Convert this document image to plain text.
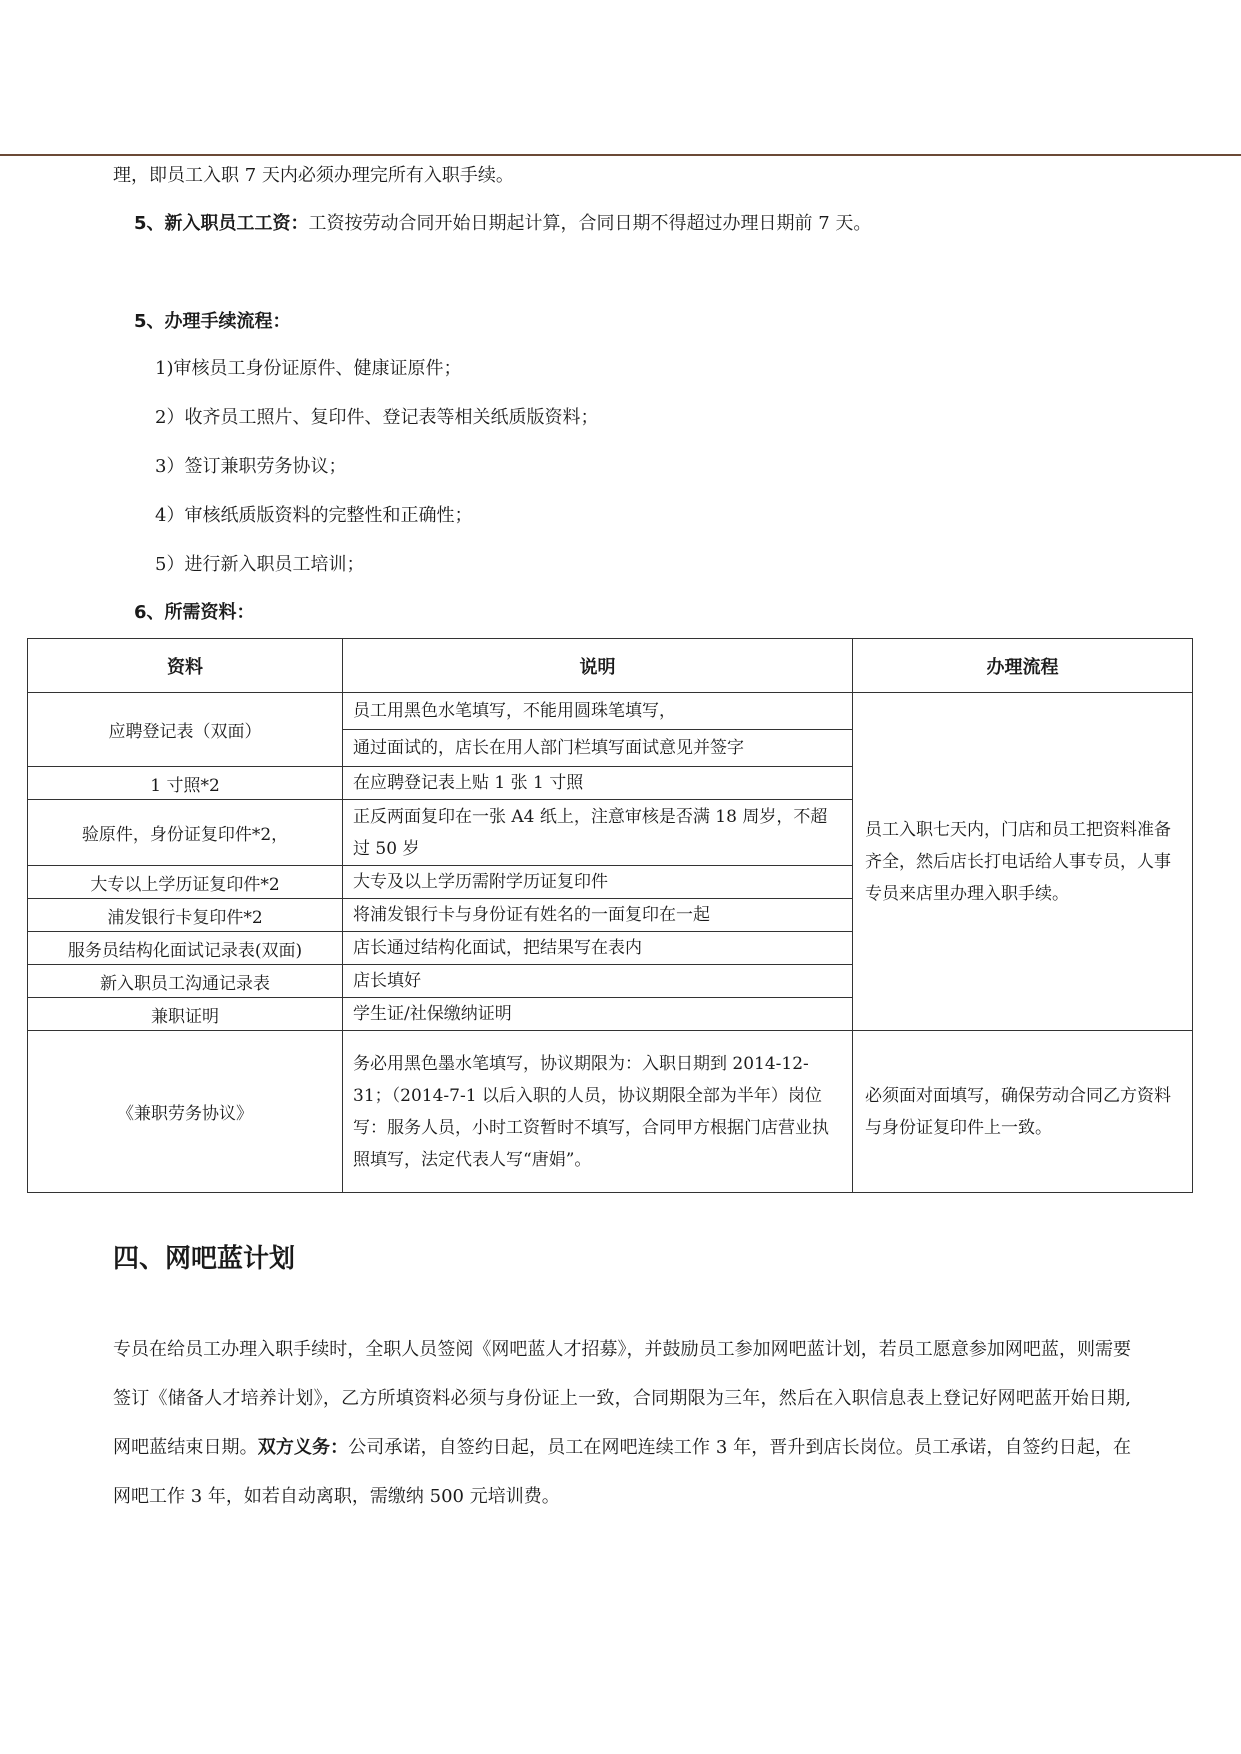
理，即员工入职 7 天内必须办理完所有入职手续。
5、新入职员工工资：工资按劳动合同开始日期起计算，合同日期不得超过办理日期前 7 天。
5、办理手续流程：
1)审核员工身份证原件、健康证原件；
2）收齐员工照片、复印件、登记表等相关纸质版资料；
3）签订兼职劳务协议；
4）审核纸质版资料的完整性和正确性；
5）进行新入职员工培训；
6、所需资料：
资料	说明	办理流程
应聘登记表（双面）	员工用黑色水笔填写，不能用圆珠笔填写，	员工入职七天内，门店和员工把资料准备齐全，然后店长打电话给人事专员，人事专员来店里办理入职手续。
	通过面试的，店长在用人部门栏填写面试意见并签字	
1 寸照*2	在应聘登记表上贴 1 张 1 寸照	
验原件，身份证复印件*2，	正反两面复印在一张 A4 纸上，注意审核是否满 18 周岁，不超过 50 岁	
大专以上学历证复印件*2	大专及以上学历需附学历证复印件	
浦发银行卡复印件*2	将浦发银行卡与身份证有姓名的一面复印在一起	
服务员结构化面试记录表(双面)	店长通过结构化面试，把结果写在表内	
新入职员工沟通记录表	店长填好	
兼职证明	学生证/社保缴纳证明	
《兼职劳务协议》	务必用黑色墨水笔填写，协议期限为：入职日期到 2014-12-31；（2014-7-1 以后入职的人员，协议期限全部为半年）岗位写：服务人员，小时工资暂时不填写，合同甲方根据门店营业执照填写，法定代表人写“唐娟”。	必须面对面填写，确保劳动合同乙方资料与身份证复印件上一致。
四、网吧蓝计划
专员在给员工办理入职手续时，全职人员签阅《网吧蓝人才招募》，并鼓励员工参加网吧蓝计划，若员工愿意参加网吧蓝，则需要签订《储备人才培养计划》，乙方所填资料必须与身份证上一致，合同期限为三年，然后在入职信息表上登记好网吧蓝开始日期,网吧蓝结束日期。双方义务：公司承诺，自签约日起，员工在网吧连续工作 3 年，晋升到店长岗位。员工承诺，自签约日起，在网吧工作 3 年，如若自动离职，需缴纳 500 元培训费。
